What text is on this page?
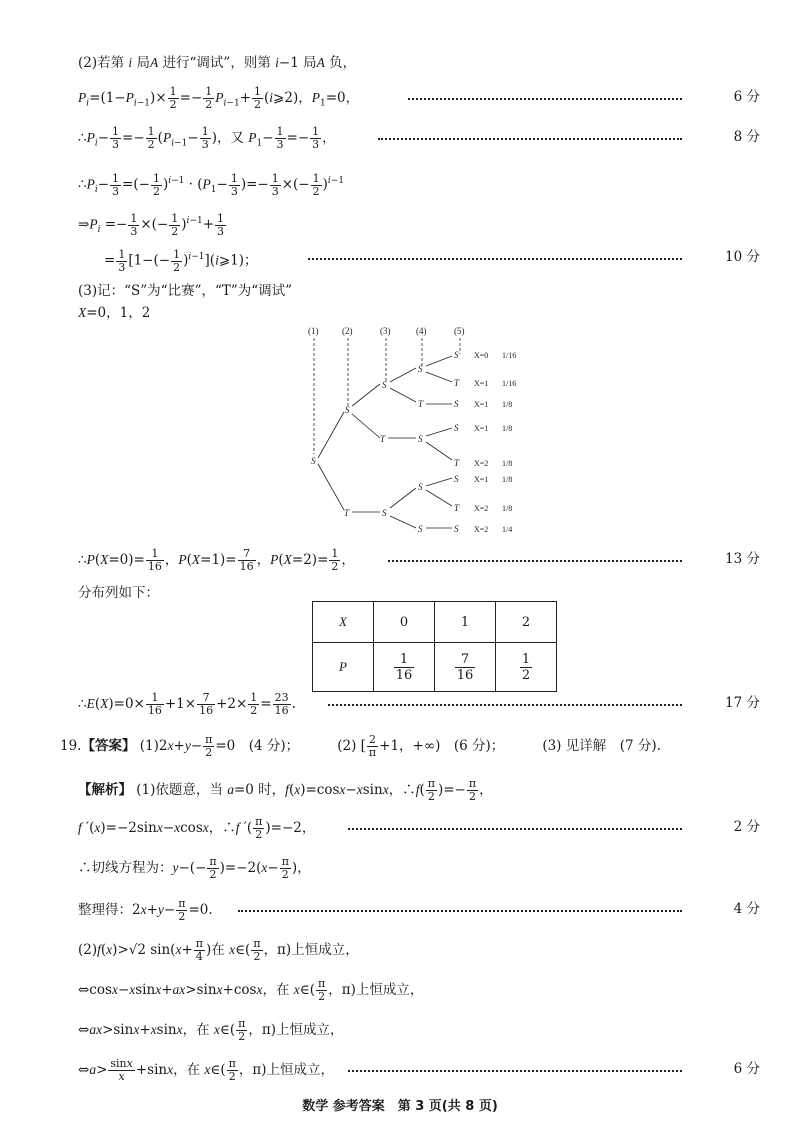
(2)若第 i 局A 进行“调试”，则第 i−1 局A 负，
$P_i=(1-P_{i-1})\times \frac{1}{2} =- \frac{1}{2} P_{i-1}+ \frac{1}{2}$ (i⩾2)，$P_1=0$，	6 分
$\therefore P_i- \frac{1}{3} =- \frac{1}{2} (P_{i-1}- \frac{1}{3}$ )，又 $P_1- \frac{1}{3} =- \frac{1}{3}$ ，	8 分
$\therefore P_i- \frac{1}{3}$ =(− $\frac{1}{2} )^{i-1} \cdot (P_1- \frac{1}{3}$ )=− $\frac{1}{3}$ ×(− $\frac{1}{2} )^{i-1}$
$\Rightarrow P_i =- \frac{1}{3}$ ×(− $\frac{1}{2} )^{i-1}+ \frac{1}{3}$
= $\frac{1}{3} [1-(- \frac{1}{2}$ )$^{i-1}](i⩾1)$；	10 分
(3)记：“S”为“比赛”，“T”为“调试”
X=0，1，2
(1)	(2)	(3)	(4)	(5)
S
S
S
S
S
T
T	S
T	S
S
T
T	S
S
S
T
S	S
X=0 1/16
X=1 1/16
X=1 1/8
X=1 1/8
X=2 1/8
X=1 1/8
X=2 1/8
X=2 1/4
∴P(X=0)= $\frac{1}{16}$ ，$P(X=1)= \frac{7}{16}$ ，$P(X=2)= \frac{1}{2}$ ，	13 分
分布列如下：
X	0	1	2
P	$\frac{1}{16}$	$\frac{7}{16}$	$\frac{1}{2}$
∴E(X)=0× $\frac{1}{16} +1\times \frac{7}{16} +2\times \frac{1}{2} = \frac{23}{16}$ .	17 分
19.【答案】 $(1)2x+y- \frac{\pi}{2} =0$　(4 分)；　　　 (2) [ $\frac{2}{\pi} +1$，+∞)　(6 分)；　　　 (3) 见详解　(7 分).
【解析】 (1)依题意，当 a=0 时，f(x)=cosx−xsinx，∴f( $\frac{\pi}{2}$ )=− $\frac{\pi}{2}$ ，
f ′(x)=−2sinx−xcosx，∴f ′( $\frac{\pi}{2} )=-2$，	2 分
∴切线方程为：$y-(- \frac{\pi}{2} )=-2(x- \frac{\pi}{2}$ )，
整理得：$2x+y- \frac{\pi}{2} =0$.	4 分
(2)f(x)>√2 $\sin(x+ \frac{\pi}{4}$ )在 x∈( $\frac{\pi}{2}$ ，π)上恒成立，
⇔cosx−xsinx+ax>sinx+cosx，在 x∈( $\frac{\pi}{2}$ ，π)上恒成立，
⇔ax>sinx+xsinx，在 x∈( $\frac{\pi}{2}$ ，π)上恒成立，
⇔a> $\frac{\sin x}{x} +\sin x$，在 x∈( $\frac{\pi}{2}$ ，π)上恒成立，	6 分
数学 参考答案　第 3 页(共 8 页)
